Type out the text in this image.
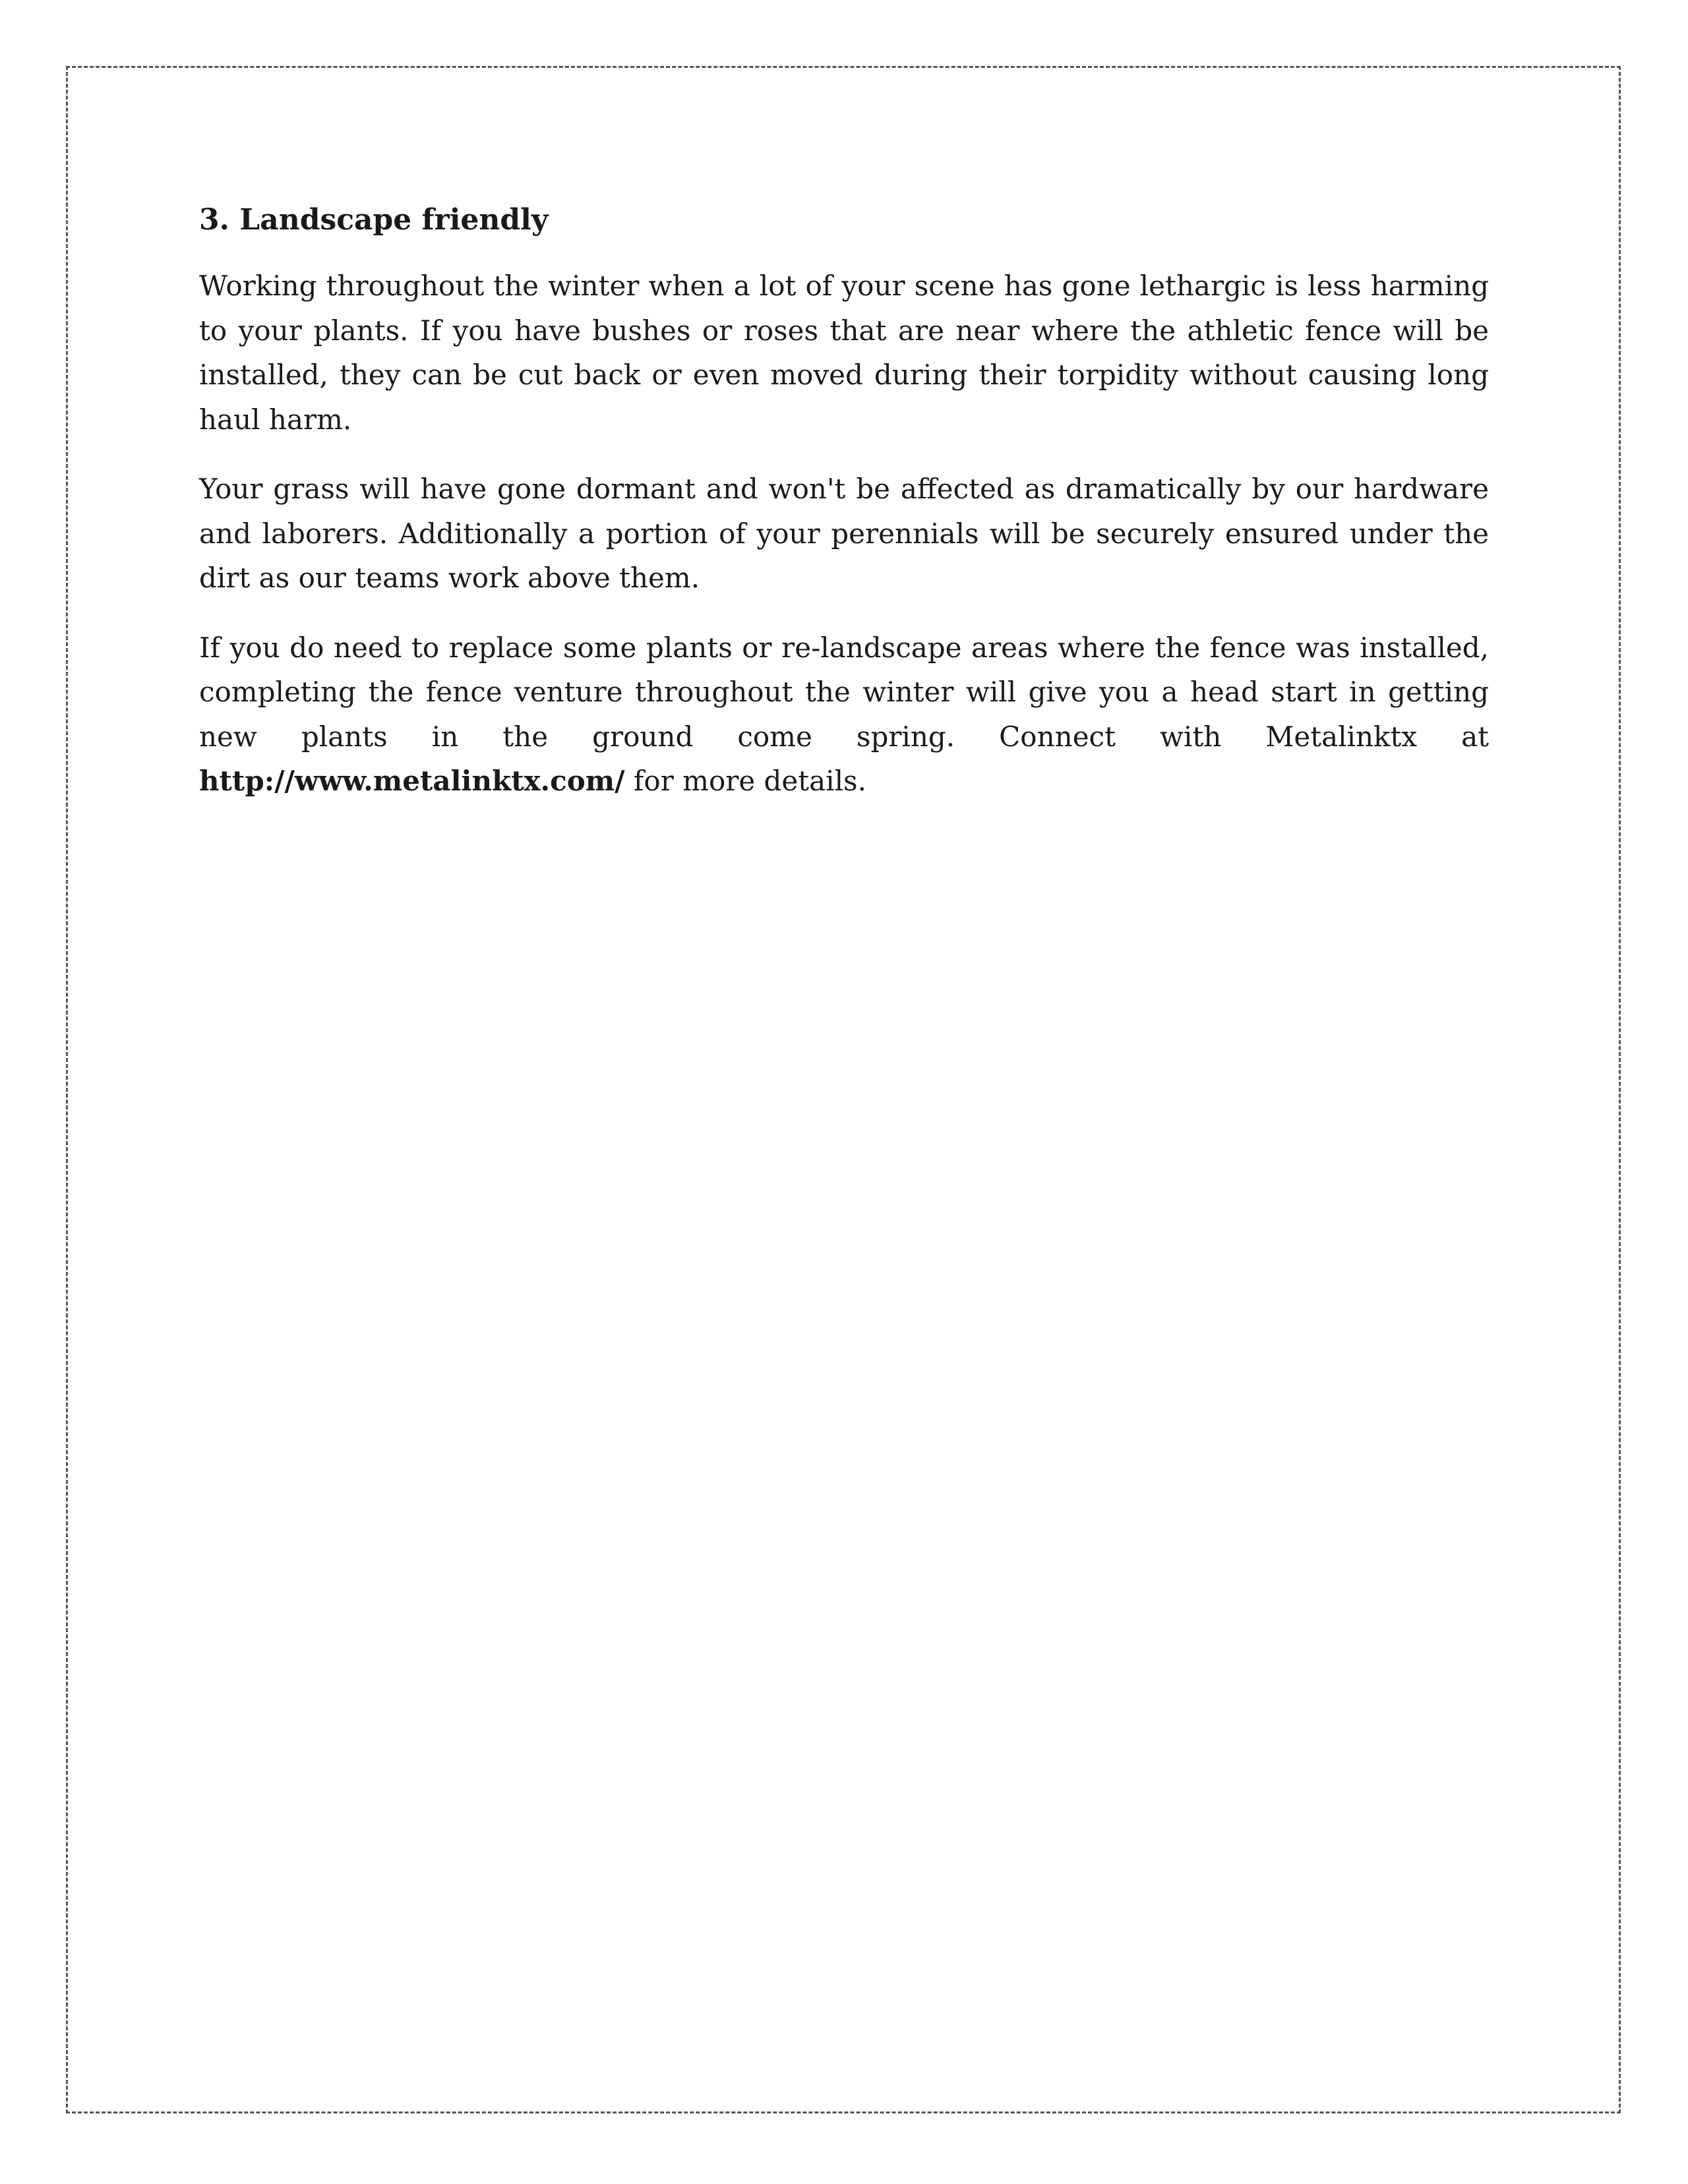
3. Landscape friendly

Working throughout the winter when a lot of your scene has gone lethargic is less harming to your plants. If you have bushes or roses that are near where the athletic fence will be installed, they can be cut back or even moved during their torpidity without causing long haul harm.

Your grass will have gone dormant and won't be affected as dramatically by our hardware and laborers. Additionally a portion of your perennials will be securely ensured under the dirt as our teams work above them.

If you do need to replace some plants or re-landscape areas where the fence was installed, completing the fence venture throughout the winter will give you a head start in getting new plants in the ground come spring. Connect with Metalinktx at http://www.metalinktx.com/ for more details.
